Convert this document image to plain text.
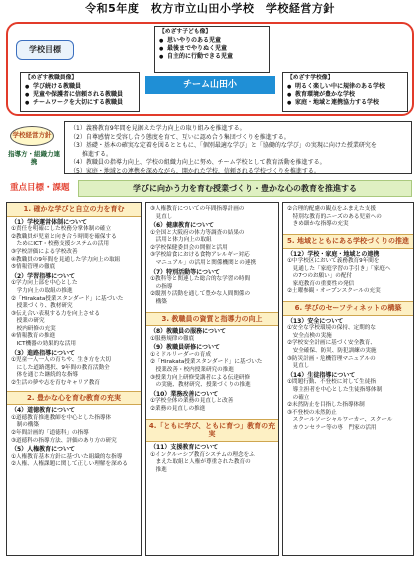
令和5年度　枚方市立山田小学校　学校経営方針
学校目標
【めざす子ども像】
● 思いやりのある児童
● 最後までやりぬく児童
● 自主的に行動できる児童
【めざす教職員像】
● 学び続ける教職員
● 児童や保護者に信頼される教職員
● チームワークを大切にする教職員
チーム山田小
【めざす学校像】
● 明るく楽しい中に規律のある学校
● 教育環境が豊かな学校
● 家庭・地域と連携協力する学校
学校経営方針
指導方・組織力連携
（1）義務教育9年間を見据えた学力向上の取り組みを推進する。
（2）自尊感情と受容し合う態度を育て、互いに認め合う集団づくりを推進する。
（3）基礎・基本の確実な定着を図るとともに、「個別最適な学び」と「協働的な学び」の実現に向けた授業研究を
　　推進する。
（4）教職員の指導力向上、学校の組織力向上に努め、チーム学校として教育活動を推進する。
（5）家庭・地域との連携を深めながら、開かれた学校、信頼される学校づくりを推進する。
重点目標・課題	学びに向かう力を育む授業づくり・豊かな心の教育を推進する
1. 確かな学びと自立の力を育む
（1）学校運営体制について
①責任を明確にした校務分掌体制の確立
②教職員が児童と向き合う時間を確保する
　ためにICT・校務支援システムの活用
③学校評価による学校改善
④教職員の9年間を見通した学力向上の取組
⑤情報管理の徹底
（2）学習指導について
①学力向上部を中心とした
　学力向上の取組の推進
②「Hirakata授業スタンダード」に基づいた
　授業づくり、教材研究
③伝え合い表現する力を向上させる
　授業の研究
　校内研修の充実
④情報教育の推進
　ICT機器の効果的な活用
（3）進路指導について
①児童一人一人の育ちや、生き方を大切
　にした道路選択、9年間の教育活動全
　体を通じた継続的な指導
②生活の夢や志を育むキャリア教育
2. 豊かな心を育む教育の充実
（4）道徳教育について
①道徳教育推進教師を中心とした指導体
　制の構築
②年間計画的「道徳科」の指導
③道徳科の指導方法、評価のあり方の研究
（5）人権教育について
①人権教育基本方針に基づいた組織的な指導
②人権、人権課題に関して正しい理解を深める
③人権教育についての年間指導計画の
　見直し
（6）健康教育について
①全国と大阪府の体力等調査の結果の
　活用と体力向上の取組
②学校保健委員会の開催と活用
③学校給食における食物アレルギー対応
　マニュアル」の活用と関係機関との連携
（7）特別活動等について
①教科等と関連した総合的な学習の時間
　の指導
②縦割り活動を通して豊かな人間関係の
　構築
3. 教職員の資質と指導力の向上
（8）教職員の服務について
①服務規律の徹底
（9）教職員研修について
①ミドルリーダーの育成
②「Hirakata授業スタンダード」に基づいた
　授業改善・校内授業研究の推進
③授業力向上研修受講者による伝達研修
　の実施、教材研究、授業づくりの推進
（10）業務改善について
①学校全体の業務の見直しと改善
②業務の見直しの推進
4.「ともに学び、ともに育つ」教育の充実
（11）支援教育について
①インクルーシブ教育システムの理念をふ
　まえた取組と人権が尊重された教育の
　推進
②合理的配慮の観点をふまえた支援
　特別な教育的ニーズのある児童への
　きめ細かな指導の充実
5. 地域とともにある学校づくりの推進
（12）学校・家庭・地域との連携
①中学校区において義務教育9年間を
　見通した「家庭学習の手引き」「家庭へ
　の7つのお願い」の配付
　家庭教育の重要性の発信
②土曜参観・オープンスクールの充実
6. 学びのセーフティネットの構築
（13）安全について
①安全な学校環境の保持、定期的な
　安全点検の実施
②学校安全計画に基づく安全教育、
　安全確保、防災、防犯訓練の実施
③防災計画・危機管理マニュアルの
　見直し
（14）生徒指導について
①問題行動、不登校に対して生徒指
　導主担者を中心とした生徒指導体制
　の確立
②未然防止を目指した指導体制
③不登校の未然防止
　スクールソーシャルワーカー、スクール
　カウンセラー等の専　門家の活用
